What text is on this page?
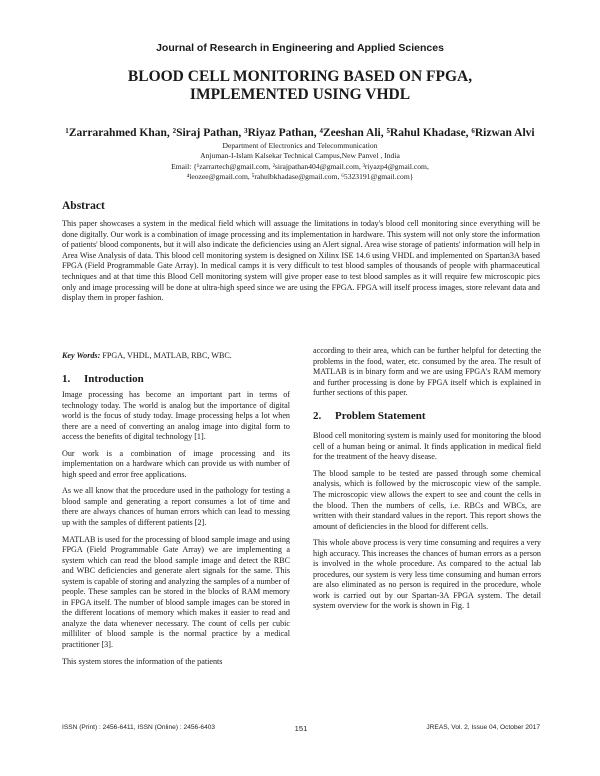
Journal of Research in Engineering and Applied Sciences
BLOOD CELL MONITORING BASED ON FPGA,
IMPLEMENTED USING VHDL
¹Zarrarahmed Khan, ²Siraj Pathan, ³Riyaz Pathan, ⁴Zeeshan Ali, ⁵Rahul Khadase, ⁶Rizwan Alvi
Department of Electronics and Telecommunication
Anjuman-I-Islam Kalsekar Technical Campus,New Panvel , India
Email: {¹zarrartech@gmail.com, ²sirajpathan404@gmail.com, ³riyazp4@gmail.com,
⁴leozee@gmail.com, ⁵rahulbkhadase@gmail.com, ⁶5323191@gmail.com}
Abstract
This paper showcases a system in the medical field which will assuage the limitations in today's blood cell monitoring since everything will be done digitally. Our work is a combination of image processing and its implementation in hardware. This system will not only store the information of patients' blood components, but it will also indicate the deficiencies using an Alert signal. Area wise storage of patients' information will help in Area Wise Analysis of data. This blood cell monitoring system is designed on Xilinx ISE 14.6 using VHDL and implemented on Spartan3A based FPGA (Field Programmable Gate Array). In medical camps it is very difficult to test blood samples of thousands of people with pharmaceutical techniques and at that time this Blood Cell monitoring system will give proper ease to test blood samples as it will require few microscopic pics only and image processing will be done at ultra-high speed since we are using the FPGA. FPGA will itself process images, store relevant data and display them in proper fashion.
Key Words: FPGA, VHDL, MATLAB, RBC, WBC.
1. Introduction

Image processing has become an important part in terms of technology today. The world is analog but the importance of digital world is the focus of study today. Image processing helps a lot when there are a need of converting an analog image into digital form to access the benefits of digital technology [1].

Our work is a combination of image processing and its implementation on a hardware which can provide us with number of high speed and error free applications.

As we all know that the procedure used in the pathology for testing a blood sample and generating a report consumes a lot of time and there are always chances of human errors which can lead to messing up with the samples of different patients [2].

MATLAB is used for the processing of blood sample image and using FPGA (Field Programmable Gate Array) we are implementing a system which can read the blood sample image and detect the RBC and WBC deficiencies and generate alert signals for the same. This system is capable of storing and analyzing the samples of a number of people. These samples can be stored in the blocks of RAM memory in FPGA itself. The number of blood sample images can be stored in the different locations of memory which makes it easier to read and analyze the data whenever necessary. The count of cells per cubic milliliter of blood sample is the normal practice by a medical practitioner [3].

This system stores the information of the patients

according to their area, which can be further helpful for detecting the problems in the food, water, etc. consumed by the area. The result of MATLAB is in binary form and we are using FPGA's RAM memory and further processing is done by FPGA itself which is explained in further sections of this paper.

2. Problem Statement

Blood cell monitoring system is mainly used for monitoring the blood cell of a human being or animal. It finds application in medical field for the treatment of the heavy disease.

The blood sample to be tested are passed through some chemical analysis, which is followed by the microscopic view of the sample. The microscopic view allows the expert to see and count the cells in the blood. Then the numbers of cells, i.e. RBCs and WBCs, are written with their standard values in the report. This report shows the amount of deficiencies in the blood for different cells.

This whole above process is very time consuming and requires a very high accuracy. This increases the chances of human errors as a person is involved in the whole procedure. As compared to the actual lab procedures, our system is very less time consuming and human errors are also eliminated as no person is required in the procedure, whole work is carried out by our Spartan-3A FPGA system. The detail system overview for the work is shown in Fig. 1

ISSN (Print) : 2456-6411, ISSN (Online) : 2456-6403	151	JREAS, Vol. 2, Issue 04, October 2017
